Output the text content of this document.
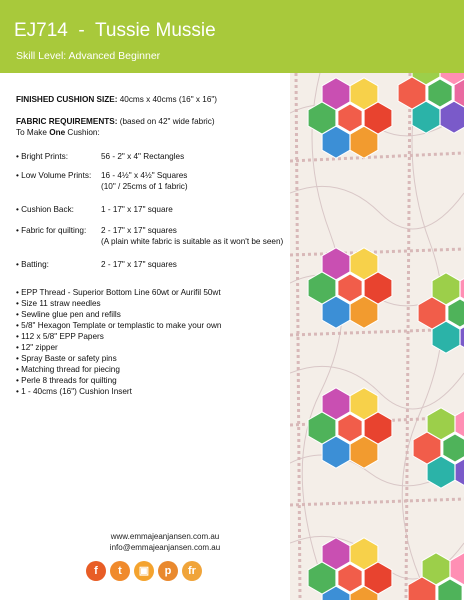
EJ714  -  Tussie Mussie
Skill Level: Advanced Beginner
FINISHED CUSHION SIZE: 40cms x 40cms (16" x 16")
FABRIC REQUIREMENTS: (based on 42" wide fabric)
To Make One Cushion:
• Bright Prints:	56 - 2" x 4" Rectangles
• Low Volume Prints: 16 - 4½" x 4½" Squares
(10" / 25cms of 1 fabric)
• Cushion Back:	1 - 17" x 17" square
• Fabric for quilting: 2 - 17" x 17" squares
(A plain white fabric is suitable as it won't be seen)
• Batting:	2 - 17" x 17" squares
• EPP Thread - Superior Bottom Line 60wt or Aurifil 50wt
• Size 11 straw needles
• Sewline glue pen and refills
• 5/8" Hexagon Template or templastic to make your own
• 112 x 5/8" EPP Papers
• 12" zipper
• Spray Baste or safety pins
• Matching thread for piecing
• Perle 8 threads for quilting
• 1 - 40cms (16") Cushion Insert
www.emmajeanjansen.com.au
info@emmajeanjansen.com.au
f	t	▣	p	fr
